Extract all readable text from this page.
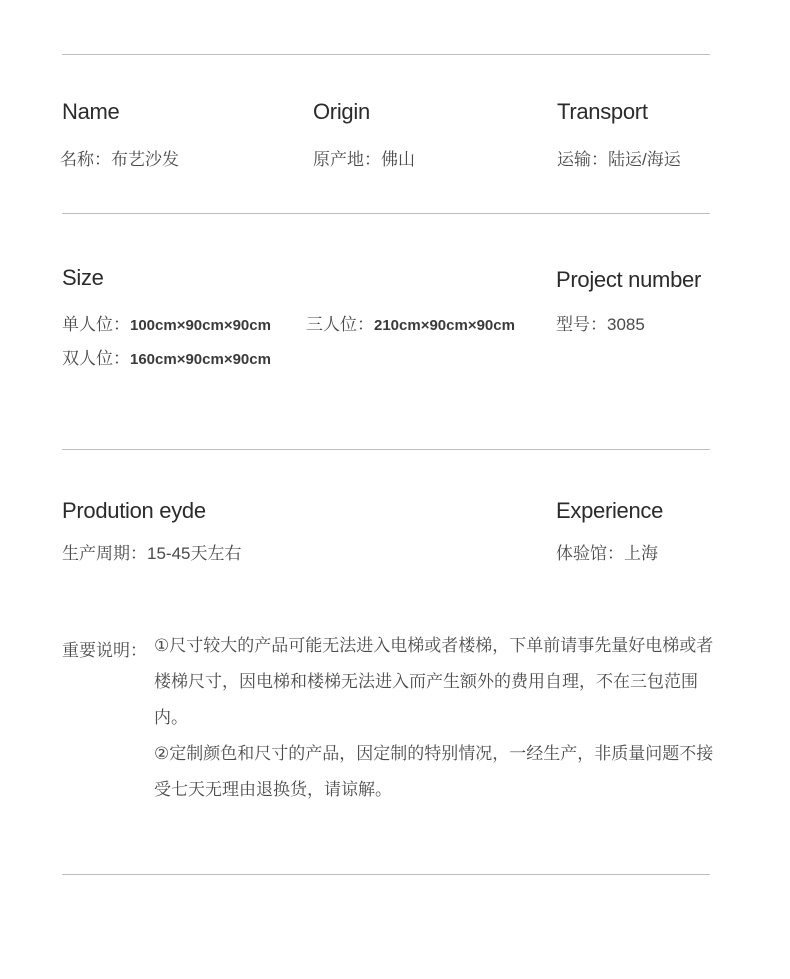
Name
名称：布艺沙发
Origin
原产地：佛山
Transport
运输：陆运/海运
Size
单人位：100cm×90cm×90cm 三人位：210cm×90cm×90cm
双人位：160cm×90cm×90cm
Project number
型号：3085
Prodution eyde
生产周期：15-45天左右
Experience
体验馆：上海
重要说明： ①尺寸较大的产品可能无法进入电梯或者楼梯，下单前请事先量好电梯或者楼梯尺寸，因电梯和楼梯无法进入而产生额外的费用自理，不在三包范围内。

②定制颜色和尺寸的产品，因定制的特别情况，一经生产，非质量问题不接受七天无理由退换货，请谅解。
